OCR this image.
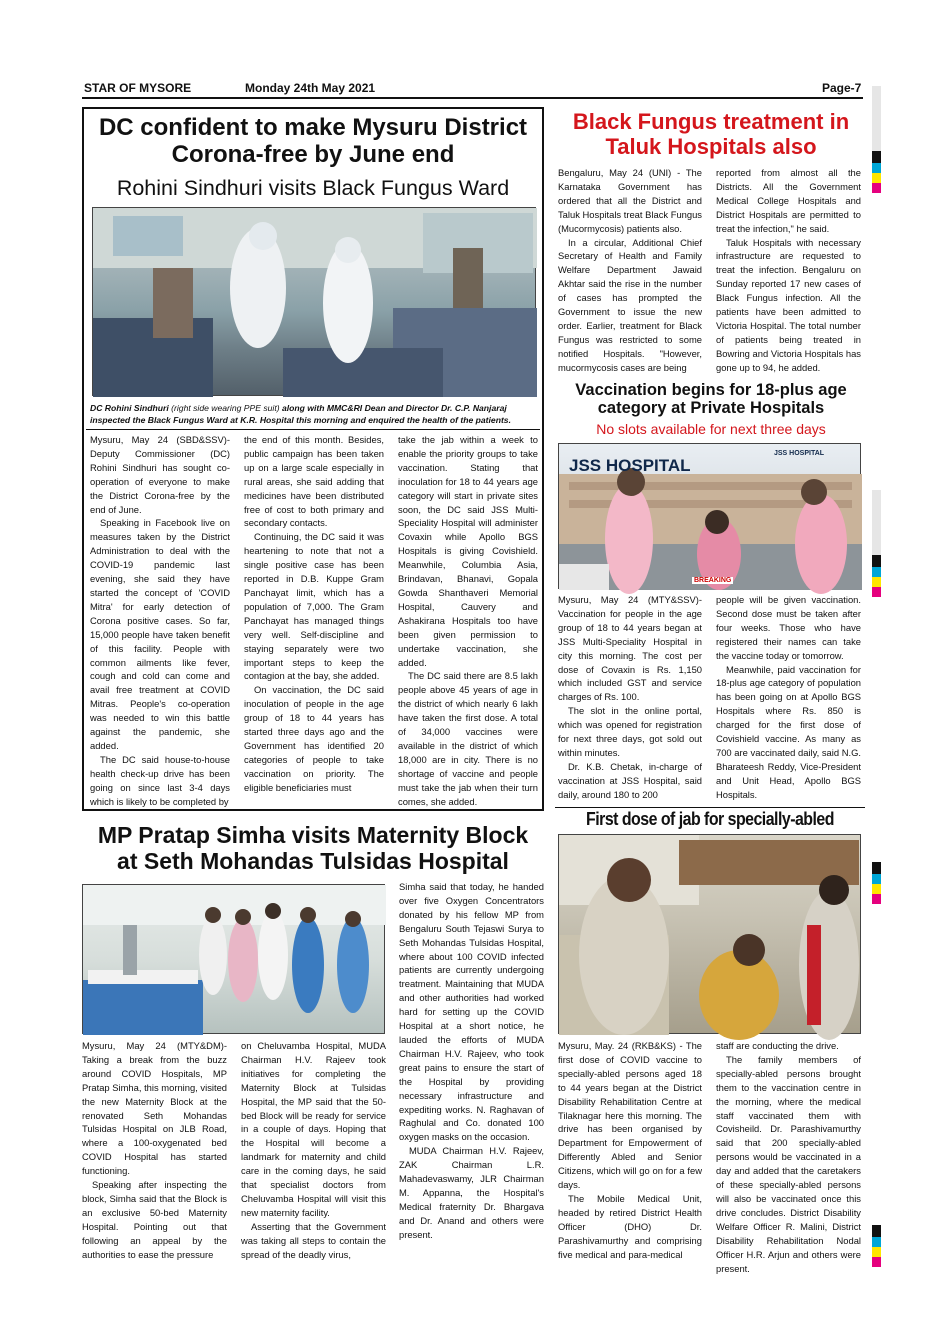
STAR OF MYSORE	Monday 24th May 2021	Page-7
DC confident to make Mysuru District
Corona-free by June end
Rohini Sindhuri visits Black Fungus Ward
DC Rohini Sindhuri (right side wearing PPE suit) along with MMC&RI Dean and Director Dr. C.P. Nanjaraj inspected the Black Fungus Ward at K.R. Hospital this morning and enquired the health of the patients.

Mysuru, May 24 (SBD&SSV)- Deputy Commissioner (DC) Rohini Sindhuri has sought co-operation of everyone to make the District Corona-free by the end of June.

Speaking in Facebook live on measures taken by the District Administration to deal with the COVID-19 pandemic last evening, she said they have started the concept of 'COVID Mitra' for early detection of Corona positive cases. So far, 15,000 people have taken benefit of this facility. People with common ailments like fever, cough and cold can come and avail free treatment at COVID Mitras. People's co-operation was needed to win this battle against the pandemic, she added.

The DC said house-to-house health check-up drive has been going on since last 3-4 days which is likely to be completed by

the end of this month. Besides, public campaign has been taken up on a large scale especially in rural areas, she said adding that medicines have been distributed free of cost to both primary and secondary contacts.

Continuing, the DC said it was heartening to note that not a single positive case has been reported in D.B. Kuppe Gram Panchayat limit, which has a population of 7,000. The Gram Panchayat has managed things very well. Self-discipline and staying separately were two important steps to keep the contagion at the bay, she added.

On vaccination, the DC said inoculation of people in the age group of 18 to 44 years has started three days ago and the Government has identified 20 categories of people to take vaccination on priority. The eligible beneficiaries must

take the jab within a week to enable the priority groups to take vaccination. Stating that inoculation for 18 to 44 years age category will start in private sites soon, the DC said JSS Multi-Speciality Hospital will administer Covaxin while Apollo BGS Hospitals is giving Covishield. Meanwhile, Columbia Asia, Brindavan, Bhanavi, Gopala Gowda Shanthaveri Memorial Hospital, Cauvery and Ashakirana Hospitals too have been given permission to undertake vaccination, she added.

The DC said there are 8.5 lakh people above 45 years of age in the district of which nearly 6 lakh have taken the first dose. A total of 34,000 vaccines were available in the district of which 18,000 are in city. There is no shortage of vaccine and people must take the jab when their turn comes, she added.

Black Fungus treatment in
Taluk Hospitals also

Bengaluru, May 24 (UNI) - The Karnataka Government has ordered that all the District and Taluk Hospitals treat Black Fungus (Mucormycosis) patients also.

In a circular, Additional Chief Secretary of Health and Family Welfare Department Jawaid Akhtar said the rise in the number of cases has prompted the Government to issue the new order. Earlier, treatment for Black Fungus was restricted to some notified Hospitals. "However, mucormycosis cases are being

reported from almost all the Districts. All the Government Medical College Hospitals and District Hospitals are permitted to treat the infection," he said.

Taluk Hospitals with necessary infrastructure are requested to treat the infection. Bengaluru on Sunday reported 17 new cases of Black Fungus infection. All the patients have been admitted to Victoria Hospital. The total number of patients being treated in Bowring and Victoria Hospitals has gone up to 94, he added.

Vaccination begins for 18-plus age
category at Private Hospitals
No slots available for next three days
JSS HOSPITAL
JSS HOSPITAL
BREAKING

Mysuru, May 24 (MTY&SSV)- Vaccination for people in the age group of 18 to 44 years began at JSS Multi-Speciality Hospital in city this morning. The cost per dose of Covaxin is Rs. 1,150 which included GST and service charges of Rs. 100.

The slot in the online portal, which was opened for registration for next three days, got sold out within minutes.

Dr. K.B. Chetak, in-charge of vaccination at JSS Hospital, said daily, around 180 to 200

people will be given vaccination. Second dose must be taken after four weeks. Those who have registered their names can take the vaccine today or tomorrow.

Meanwhile, paid vaccination for 18-plus age category of population has been going on at Apollo BGS Hospitals where Rs. 850 is charged for the first dose of Covishield vaccine. As many as 700 are vaccinated daily, said N.G. Bharateesh Reddy, Vice-President and Unit Head, Apollo BGS Hospitals.

MP Pratap Simha visits Maternity Block
at Seth Mohandas Tulsidas Hospital

Mysuru, May 24 (MTY&DM)- Taking a break from the buzz around COVID Hospitals, MP Pratap Simha, this morning, visited the new Maternity Block at the renovated Seth Mohandas Tulsidas Hospital on JLB Road, where a 100-oxygenated bed COVID Hospital has started functioning.

Speaking after inspecting the block, Simha said that the Block is an exclusive 50-bed Maternity Hospital. Pointing out that following an appeal by the authorities to ease the pressure

on Cheluvamba Hospital, MUDA Chairman H.V. Rajeev took initiatives for completing the Maternity Block at Tulsidas Hospital, the MP said that the 50-bed Block will be ready for service in a couple of days. Hoping that the Hospital will become a landmark for maternity and child care in the coming days, he said that specialist doctors from Cheluvamba Hospital will visit this new maternity facility.

Asserting that the Government was taking all steps to contain the spread of the deadly virus,

Simha said that today, he handed over five Oxygen Concentrators donated by his fellow MP from Bengaluru South Tejaswi Surya to Seth Mohandas Tulsidas Hospital, where about 100 COVID infected patients are currently undergoing treatment. Maintaining that MUDA and other authorities had worked hard for setting up the COVID Hospital at a short notice, he lauded the efforts of MUDA Chairman H.V. Rajeev, who took great pains to ensure the start of the Hospital by providing necessary infrastructure and expediting works. N. Raghavan of Raghulal and Co. donated 100 oxygen masks on the occasion.

MUDA Chairman H.V. Rajeev, ZAK Chairman L.R. Mahadevaswamy, JLR Chairman M. Appanna, the Hospital's Medical fraternity Dr. Bhargava and Dr. Anand and others were present.

First dose of jab for specially-abled

Mysuru, May. 24 (RKB&KS) - The first dose of COVID vaccine to specially-abled persons aged 18 to 44 years began at the District Disability Rehabilitation Centre at Tilaknagar here this morning. The drive has been organised by Department for Empowerment of Differently Abled and Senior Citizens, which will go on for a few days.

The Mobile Medical Unit, headed by retired District Health Officer (DHO) Dr. Parashivamurthy and comprising five medical and para-medical

staff are conducting the drive.

The family members of specially-abled persons brought them to the vaccination centre in the morning, where the medical staff vaccinated them with Covisheild. Dr. Parashivamurthy said that 200 specially-abled persons would be vaccinated in a day and added that the caretakers of these specially-abled persons will also be vaccinated once this drive concludes. District Disability Welfare Officer R. Malini, District Disability Rehabilitation Nodal Officer H.R. Arjun and others were present.
